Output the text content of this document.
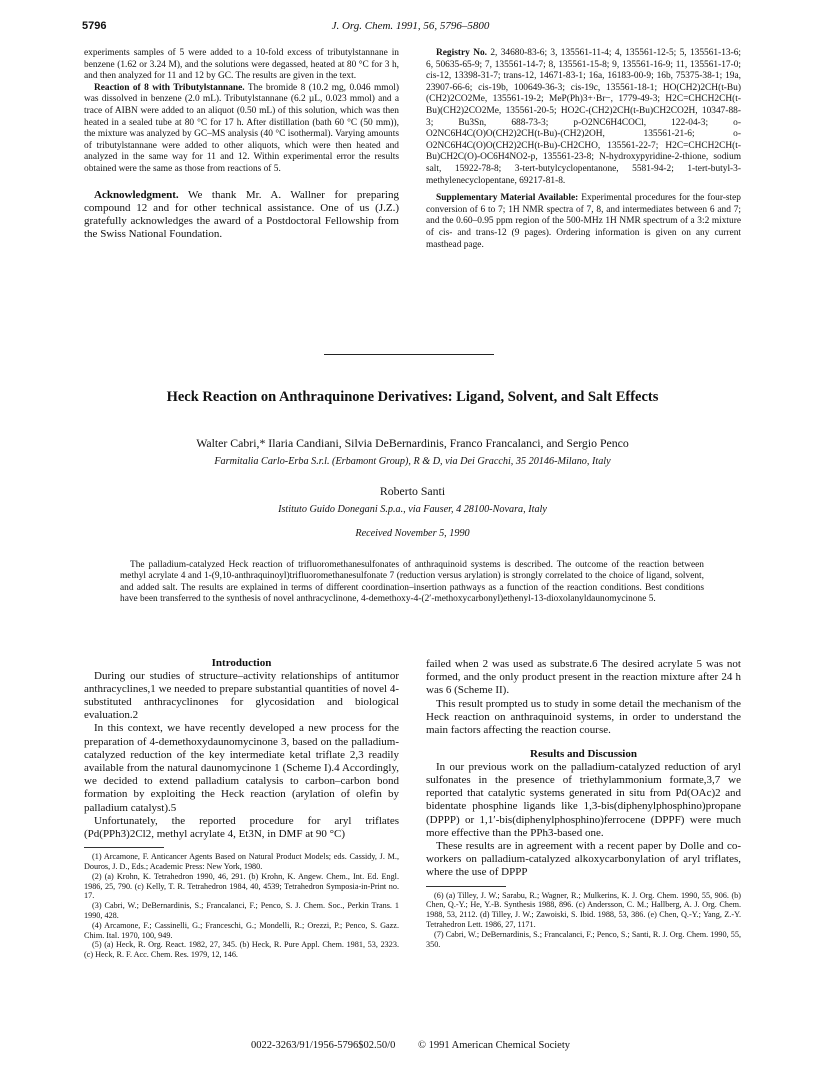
J. Org. Chem. 1991, 56, 5796–5800
5796

experiments samples of 5 were added to a 10-fold excess of tributylstannane in benzene (1.62 or 3.24 M), and the solutions were degassed, heated at 80 °C for 3 h, and then analyzed for 11 and 12 by GC. The results are given in the text.

Reaction of 8 with Tributylstannane. The bromide 8 (10.2 mg, 0.046 mmol) was dissolved in benzene (2.0 mL). Tributylstannane (6.2 µL, 0.023 mmol) and a trace of AIBN were added to an aliquot (0.50 mL) of this solution, which was then heated in a sealed tube at 80 °C for 17 h. After distillation (bath 60 °C (50 mm)), the mixture was analyzed by GC–MS analysis (40 °C isothermal). Varying amounts of tributylstannane were added to other aliquots, which were then heated and analyzed in the same way for 11 and 12. Within experimental error the results obtained were the same as those from reactions of 5.

Acknowledgment. We thank Mr. A. Wallner for preparing compound 12 and for other technical assistance. One of us (J.Z.) gratefully acknowledges the award of a Postdoctoral Fellowship from the Swiss National Foundation.

Registry No. 2, 34680-83-6; 3, 135561-11-4; 4, 135561-12-5; 5, 135561-13-6; 6, 50635-65-9; 7, 135561-14-7; 8, 135561-15-8; 9, 135561-16-9; 11, 135561-17-0; cis-12, 13398-31-7; trans-12, 14671-83-1; 16a, 16183-00-9; 16b, 75375-38-1; 19a, 23907-66-6; cis-19b, 100649-36-3; cis-19c, 135561-18-1; HO(CH2)2CH(t-Bu)(CH2)2CO2Me, 135561-19-2; MeP(Ph)3+·Br−, 1779-49-3; H2C=CHCH2CH(t-Bu)(CH2)2CO2Me, 135561-20-5; HO2C-(CH2)2CH(t-Bu)CH2CO2H, 10347-88-3; Bu3Sn, 688-73-3; p-O2NC6H4COCl, 122-04-3; o-O2NC6H4C(O)O(CH2)2CH(t-Bu)-(CH2)2OH, 135561-21-6; o-O2NC6H4C(O)O(CH2)2CH(t-Bu)-CH2CHO, 135561-22-7; H2C=CHCH2CH(t-Bu)CH2C(O)-OC6H4NO2-p, 135561-23-8; N-hydroxypyridine-2-thione, sodium salt, 15922-78-8; 3-tert-butylcyclopentanone, 5581-94-2; 1-tert-butyl-3-methylenecyclopentane, 69217-81-8.

Supplementary Material Available: Experimental procedures for the four-step conversion of 6 to 7; 1H NMR spectra of 7, 8, and intermediates between 6 and 7; and the 0.60–0.95 ppm region of the 500-MHz 1H NMR spectrum of a 3:2 mixture of cis- and trans-12 (9 pages). Ordering information is given on any current masthead page.

Heck Reaction on Anthraquinone Derivatives: Ligand, Solvent, and Salt Effects
Walter Cabri,* Ilaria Candiani, Silvia DeBernardinis, Franco Francalanci, and Sergio Penco
Farmitalia Carlo-Erba S.r.l. (Erbamont Group), R & D, via Dei Gracchi, 35 20146-Milano, Italy
Roberto Santi
Istituto Guido Donegani S.p.a., via Fauser, 4 28100-Novara, Italy
Received November 5, 1990
The palladium-catalyzed Heck reaction of trifluoromethanesulfonates of anthraquinoid systems is described. The outcome of the reaction between methyl acrylate 4 and 1-(9,10-anthraquinoyl)trifluoromethanesulfonate 7 (reduction versus arylation) is strongly correlated to the choice of ligand, solvent, and added salt. The results are explained in terms of different coordination–insertion pathways as a function of the reaction conditions. Best conditions have been transferred to the synthesis of novel anthracyclinone, 4-demethoxy-4-(2′-methoxycarbonyl)ethenyl-13-dioxolanyldaunomycinone 5.

Introduction

During our studies of structure–activity relationships of antitumor anthracyclines,1 we needed to prepare substantial quantities of novel 4-substituted anthracyclinones for glycosidation and biological evaluation.2

In this context, we have recently developed a new process for the preparation of 4-demethoxydaunomycinone 3, based on the palladium-catalyzed reduction of the key intermediate ketal triflate 2,3 readily available from the natural daunomycinone 1 (Scheme I).4 Accordingly, we decided to extend palladium catalysis to carbon–carbon bond formation by exploiting the Heck reaction (arylation of olefin by palladium catalyst).5

Unfortunately, the reported procedure for aryl triflates (Pd(PPh3)2Cl2, methyl acrylate 4, Et3N, in DMF at 90 °C)

(1) Arcamone, F. Anticancer Agents Based on Natural Product Models; eds. Cassidy, J. M., Douros, J. D., Eds.; Academic Press: New York, 1980.

(2) (a) Krohn, K. Tetrahedron 1990, 46, 291. (b) Krohn, K. Angew. Chem., Int. Ed. Engl. 1986, 25, 790. (c) Kelly, T. R. Tetrahedron 1984, 40, 4539; Tetrahedron Symposia-in-Print no. 17.

(3) Cabri, W.; DeBernardinis, S.; Francalanci, F.; Penco, S. J. Chem. Soc., Perkin Trans. 1 1990, 428.

(4) Arcamone, F.; Cassinelli, G.; Franceschi, G.; Mondelli, R.; Orezzi, P.; Penco, S. Gazz. Chim. Ital. 1970, 100, 949.

(5) (a) Heck, R. Org. React. 1982, 27, 345. (b) Heck, R. Pure Appl. Chem. 1981, 53, 2323. (c) Heck, R. F. Acc. Chem. Res. 1979, 12, 146.

failed when 2 was used as substrate.6 The desired acrylate 5 was not formed, and the only product present in the reaction mixture after 24 h was 6 (Scheme II).

This result prompted us to study in some detail the mechanism of the Heck reaction on anthraquinoid systems, in order to understand the main factors affecting the reaction course.

Results and Discussion

In our previous work on the palladium-catalyzed reduction of aryl sulfonates in the presence of triethylammonium formate,3,7 we reported that catalytic systems generated in situ from Pd(OAc)2 and bidentate phosphine ligands like 1,3-bis(diphenylphosphino)propane (DPPP) or 1,1′-bis(diphenylphosphino)ferrocene (DPPF) were much more effective than the PPh3-based one.

These results are in agreement with a recent paper by Dolle and co-workers on palladium-catalyzed alkoxycarbonylation of aryl triflates, where the use of DPPP

(6) (a) Tilley, J. W.; Sarabu, R.; Wagner, R.; Mulkerins, K. J. Org. Chem. 1990, 55, 906. (b) Chen, Q.-Y.; He, Y.-B. Synthesis 1988, 896. (c) Andersson, C. M.; Hallberg, A. J. Org. Chem. 1988, 53, 2112. (d) Tilley, J. W.; Zawoiski, S. Ibid. 1988, 53, 386. (e) Chen, Q.-Y.; Yang, Z.-Y. Tetrahedron Lett. 1986, 27, 1171.

(7) Cabri, W.; DeBernardinis, S.; Francalanci, F.; Penco, S.; Santi, R. J. Org. Chem. 1990, 55, 350.

0022-3263/91/1956-5796$02.50/0 © 1991 American Chemical Society
